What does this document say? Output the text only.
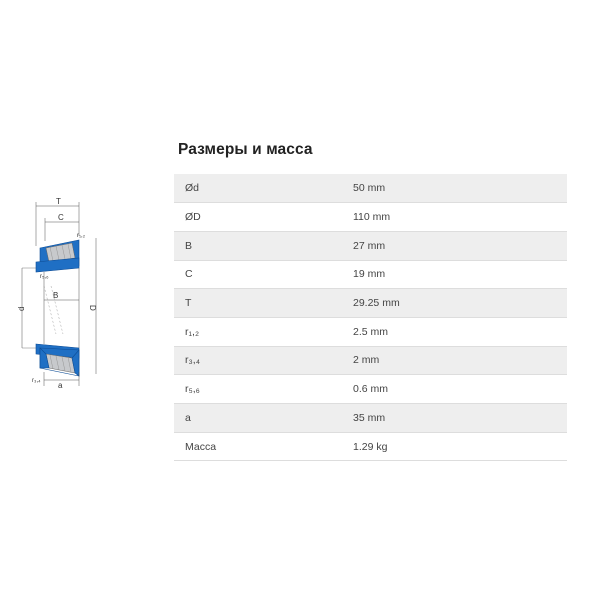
T
C
r₁,₂
d	D
r₅,₆
B
a
r₃,₄
Размеры и масса
Ød	50 mm
ØD	110 mm
B	27 mm
C	19 mm
T	29.25 mm
r₁,₂	2.5 mm
r₃,₄	2 mm
r₅,₆	0.6 mm
a	35 mm
Масса	1.29 kg
